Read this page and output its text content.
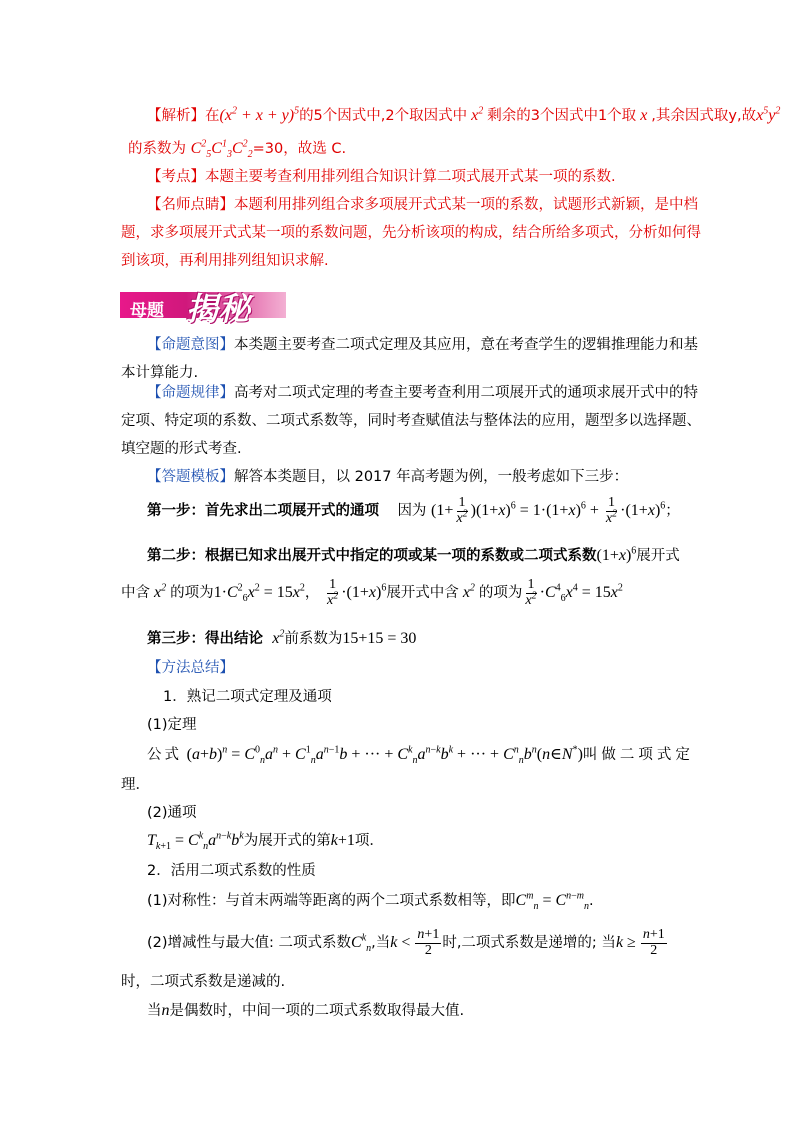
【解析】在$(x^2 + x + y)^5$的5个因式中,2个取因式中 $x^2$ 剩余的3个因式中1个取 x ,其余因式取y,故$x^5y^2$
的系数为 $C^2_5C^1_3C^2_2=30$，故选 C.
【考点】本题主要考查利用排列组合知识计算二项式展开式某一项的系数.
【名师点睛】本题利用排列组合求多项展开式式某一项的系数，试题形式新颖，是中档
题，求多项展开式式某一项的系数问题，先分析该项的构成，结合所给多项式，分析如何得
到该项，再利用排列组知识求解.
母题 揭秘
【命题意图】本类题主要考查二项式定理及其应用，意在考查学生的逻辑推理能力和基
本计算能力.
【命题规律】高考对二项式定理的考查主要考查利用二项展开式的通项求展开式中的特
定项、特定项的系数、二项式系数等，同时考查赋值法与整体法的应用，题型多以选择题、
填空题的形式考查.
【答题模板】解答本类题目，以 2017 年高考题为例，一般考虑如下三步：
第一步：首先求出二项展开式的通项 因为 $(1+ \frac{1}{x^2} )(1+x)^6 = 1\cdot(1+x)^6 + \frac{1}{x^2} \cdot(1+x)^6$；
第二步：根据已知求出展开式中指定的项或某一项的系数或二项式系数$(1+x)^6$展开式
中含 $x^2$ 的项为$1\cdot C^2_6x^2 = 15x^2$， $\frac{1}{x^2} \cdot(1+x)^6$展开式中含 $x^2$ 的项为 $\frac{1}{x^2} \cdot C^4_6x^4 = 15x^2$
第三步：得出结论 $x^2$前系数为15+15 = 30
【方法总结】
1．熟记二项式定理及通项
(1)定理
公式 $(a+b)^n = C^0_na^n + C^1_na^{n-1}b$ + ··· + $C^k_na^{n-k}b^k$ + ··· + $C^n_nb^n(n\in N^*)$叫做二项式定
理．
(2)通项
$T_{k+1} = C^k_na^{n-k}b^k$为展开式的第k+1项．
2．活用二项式系数的性质
(1)对称性：与首末两端等距离的两个二项式系数相等，即$C^m_n = C^{n-m}_n$.
(2)增减性与最大值: 二项式系数$C^k_n$,当$k < \frac{n+1}{2}$ 时,二项式系数是递增的; 当$k \ge \frac{n+1}{2}$
时，二项式系数是递减的.
当n是偶数时，中间一项的二项式系数取得最大值.
